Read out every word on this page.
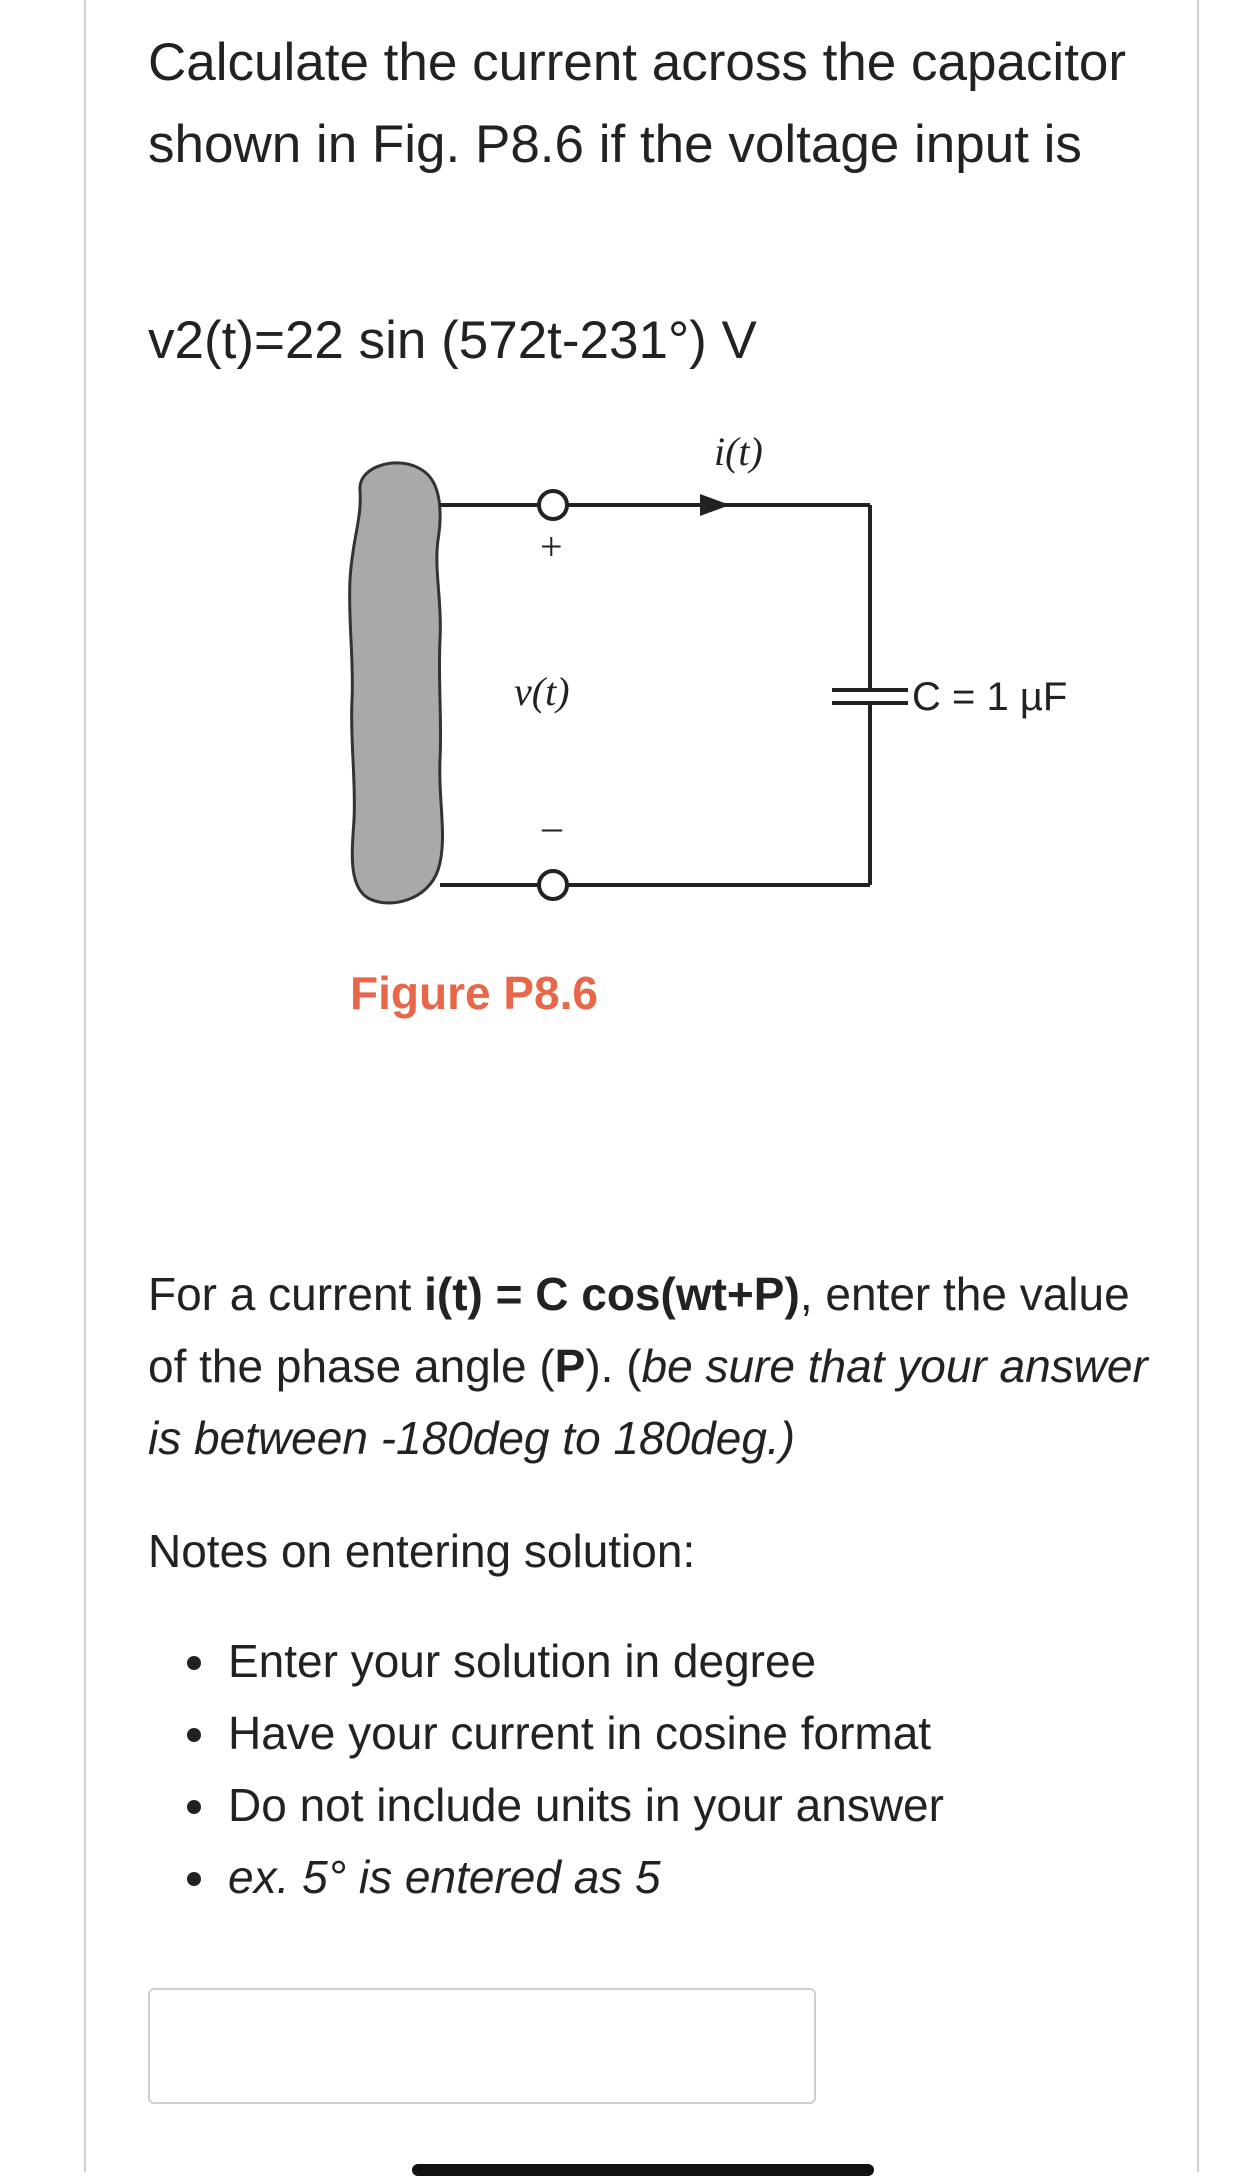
Calculate the current across the capacitor shown in Fig. P8.6 if the voltage input is
v2(t)=22 sin (572t-231°) V
i(t)
+
v(t)
–
C = 1 µF
Figure P8.6
For a current i(t) = C cos(wt+P), enter the value of the phase angle (P). (be sure that your answer is between -180deg to 180deg.)
Notes on entering solution:
• Enter your solution in degree
• Have your current in cosine format
• Do not include units in your answer
• ex. 5° is entered as 5
